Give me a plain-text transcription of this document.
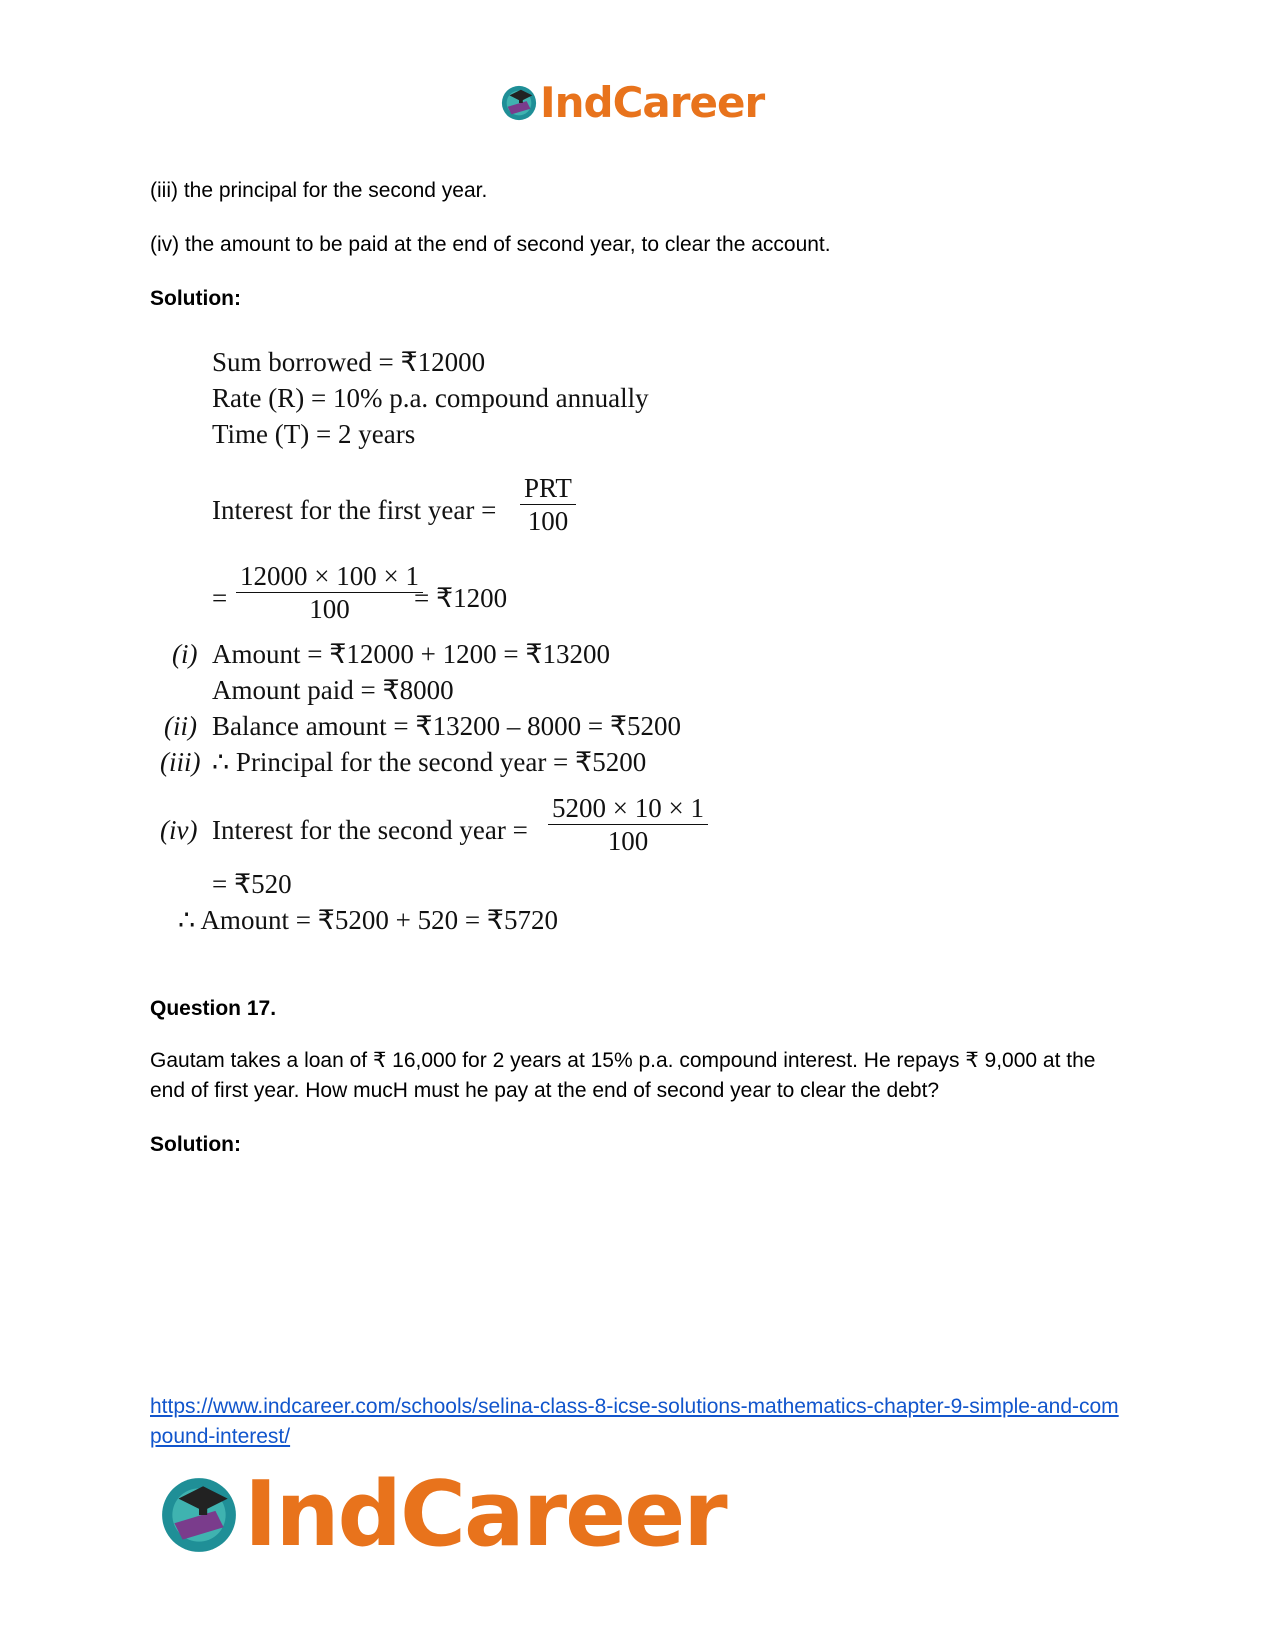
IndCareer

(iii) the principal for the second year.

(iv) the amount to be paid at the end of second year, to clear the account.

Solution:

Sum borrowed = ₹12000
Rate (R) = 10% p.a. compound annually
Time (T) = 2 years
Interest for the first year =
PRT
100
= $\frac{12000 \times 100 \times 1}{100}$
= ₹1200
(i) Amount = ₹12000 + 1200 = ₹13200
Amount paid = ₹8000
(ii) Balance amount = ₹13200 – 8000 = ₹5200
(iii) ∴ Principal for the second year = ₹5200
(iv) Interest for the second year = $\frac{5200 \times 10 \times 1}{100}$
= ₹520
∴ Amount = ₹5200 + 520 = ₹5720

Question 17.

Gautam takes a loan of ₹ 16,000 for 2 years at 15% p.a. compound interest. He repays ₹ 9,000 at the end of first year. How mucH must he pay at the end of second year to clear the debt?

Solution:

https://www.indcareer.com/schools/selina-class-8-icse-solutions-mathematics-chapter-9-simple-and-compound-interest/
IndCareer
